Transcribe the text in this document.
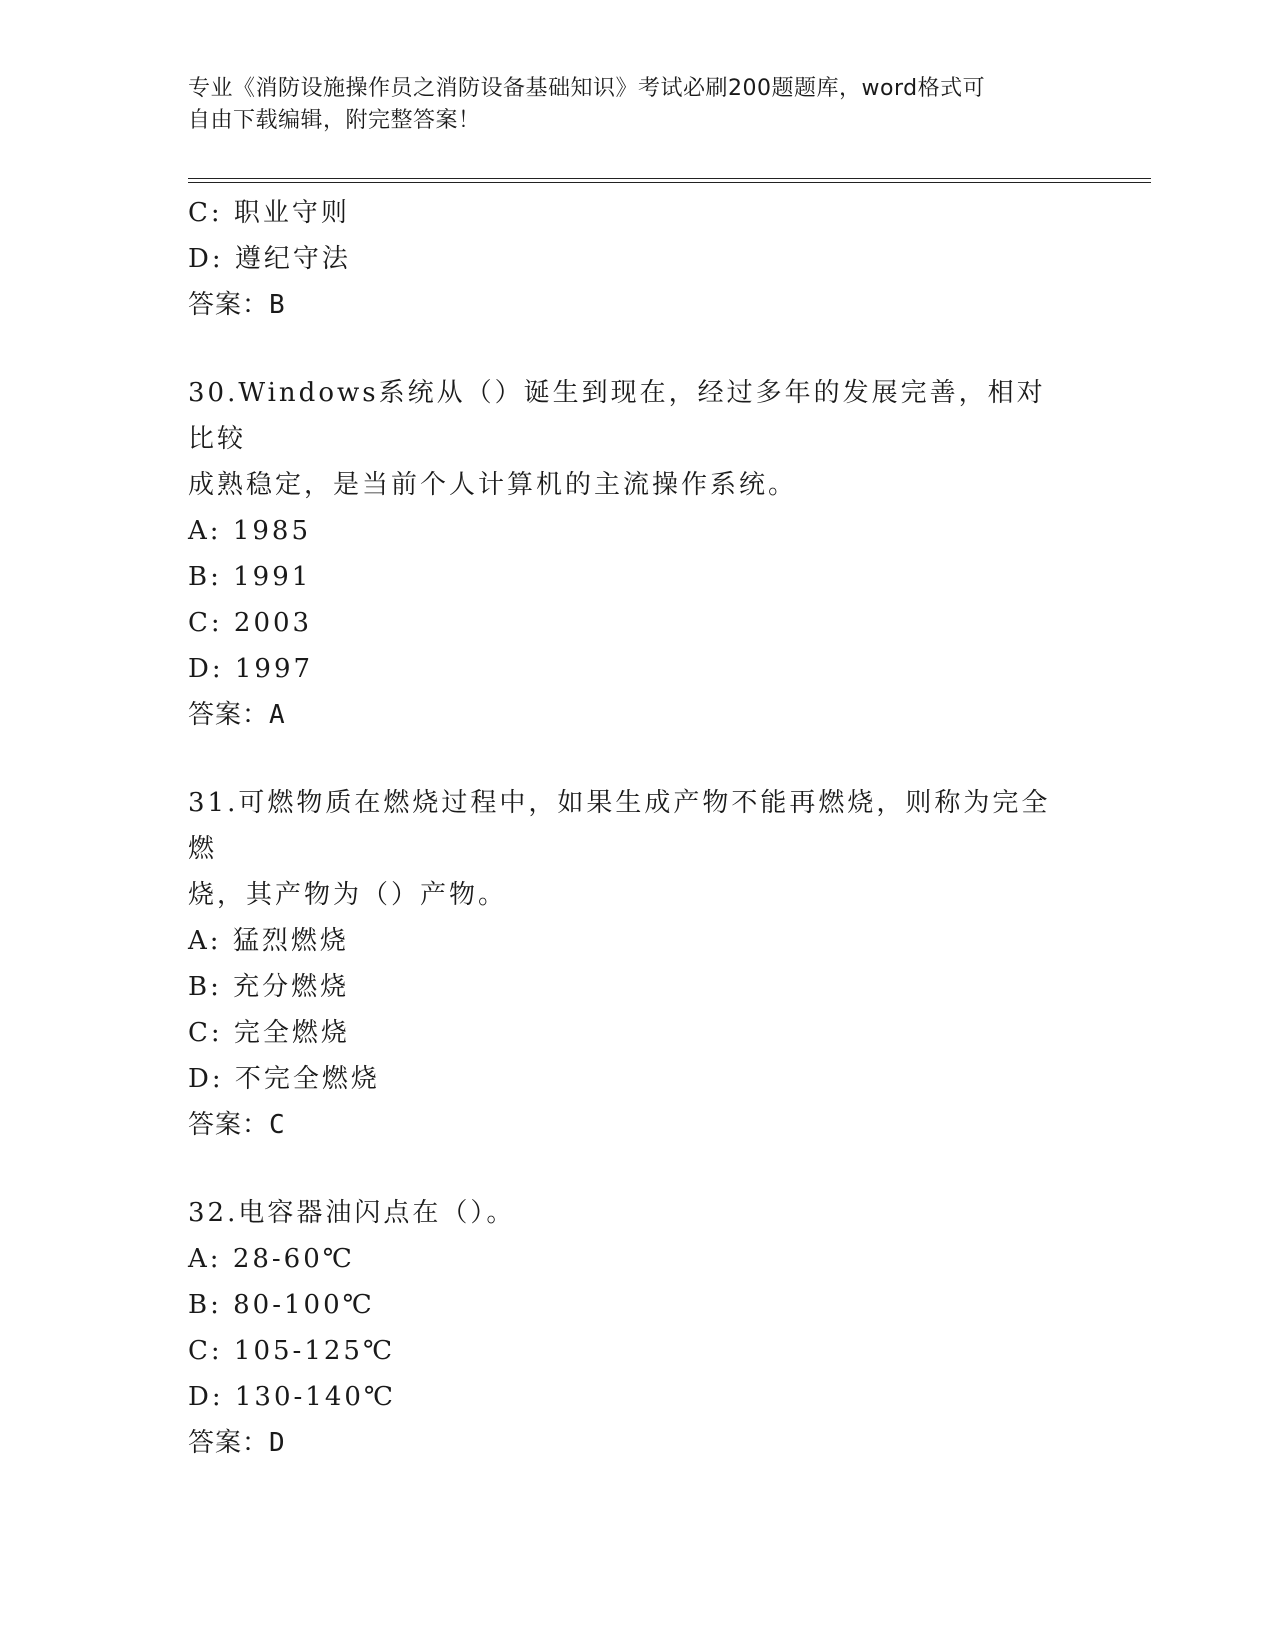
专业《消防设施操作员之消防设备基础知识》考试必刷200题题库，word格式可
自由下载编辑，附完整答案！
C: 职业守则
D: 遵纪守法
答案：B
30.Windows系统从（）诞生到现在，经过多年的发展完善，相对比较
成熟稳定，是当前个人计算机的主流操作系统。
A: 1985
B: 1991
C: 2003
D: 1997
答案：A
31.可燃物质在燃烧过程中，如果生成产物不能再燃烧，则称为完全燃
烧，其产物为（）产物。
A: 猛烈燃烧
B: 充分燃烧
C: 完全燃烧
D: 不完全燃烧
答案：C
32.电容器油闪点在（）。
A: 28-60℃
B: 80-100℃
C: 105-125℃
D: 130-140℃
答案：D
